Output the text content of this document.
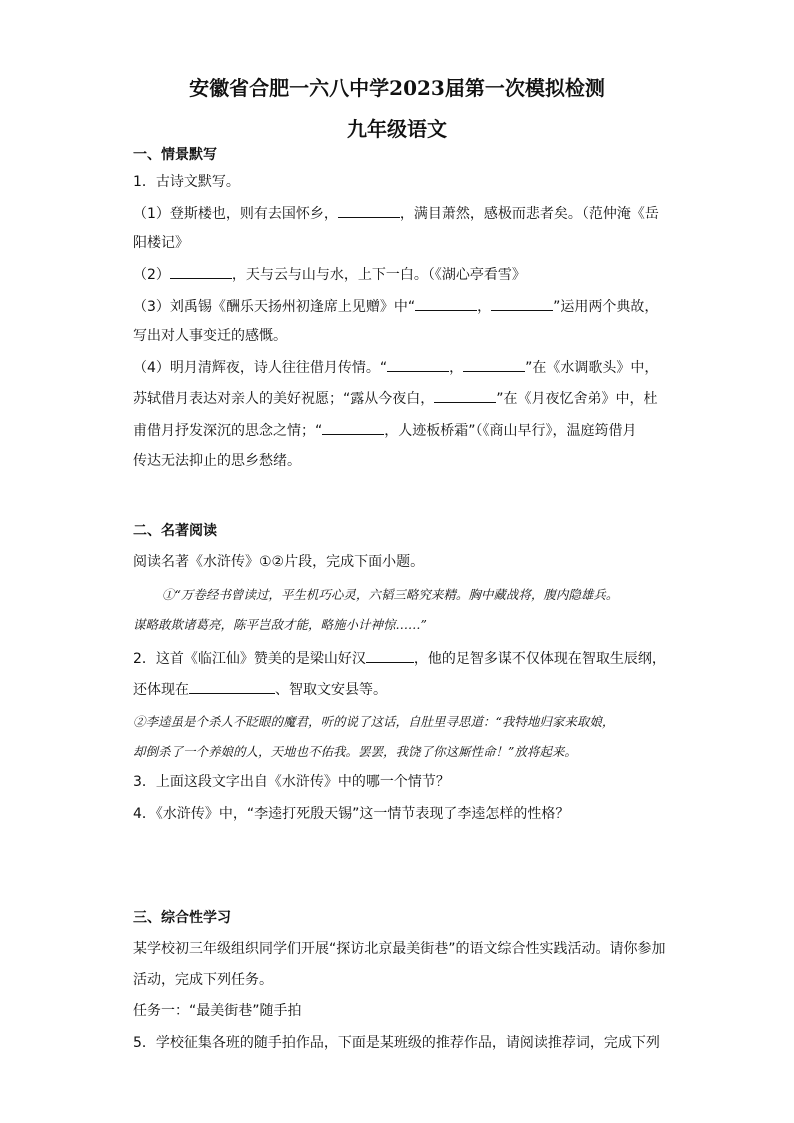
安徽省合肥一六八中学2023届第一次模拟检测
九年级语文
一、情景默写
1．古诗文默写。
（1）登斯楼也，则有去国怀乡，	，满目萧然，感极而悲者矣。（范仲淹《岳
阳楼记》
（2）	，天与云与山与水，上下一白。（《湖心亭看雪》
（3）刘禹锡《酬乐天扬州初逢席上见赠》中“	，	”运用两个典故，
写出对人事变迁的感慨。
（4）明月清辉夜，诗人往往借月传情。“	，	”在《水调歌头》中，
苏轼借月表达对亲人的美好祝愿；“露从今夜白，	”在《月夜忆舍弟》中，杜
甫借月抒发深沉的思念之情；“	，人迹板桥霜”（《商山早行》，温庭筠借月
传达无法抑止的思乡愁绪。
二、名著阅读
阅读名著《水浒传》①②片段，完成下面小题。
①“万卷经书曾读过，平生机巧心灵，六韬三略究来精。胸中藏战将，腹内隐雄兵。
谋略敢欺诸葛亮，陈平岂敌才能，略施小计神惊……”
2．这首《临江仙》赞美的是梁山好汉	，他的足智多谋不仅体现在智取生辰纲，
还体现在	、智取文安县等。
②李逵虽是个杀人不眨眼的魔君，听的说了这话，自肚里寻思道：“我特地归家来取娘，
却倒杀了一个养娘的人，天地也不佑我。罢罢，我饶了你这厮性命！”放将起来。
3．上面这段文字出自《水浒传》中的哪一个情节？
4．《水浒传》中，“李逵打死殷天锡”这一情节表现了李逵怎样的性格？
三、综合性学习
某学校初三年级组织同学们开展“探访北京最美街巷”的语文综合性实践活动。请你参加
活动，完成下列任务。
任务一：“最美街巷”随手拍
5．学校征集各班的随手拍作品，下面是某班级的推荐作品，请阅读推荐词，完成下列
